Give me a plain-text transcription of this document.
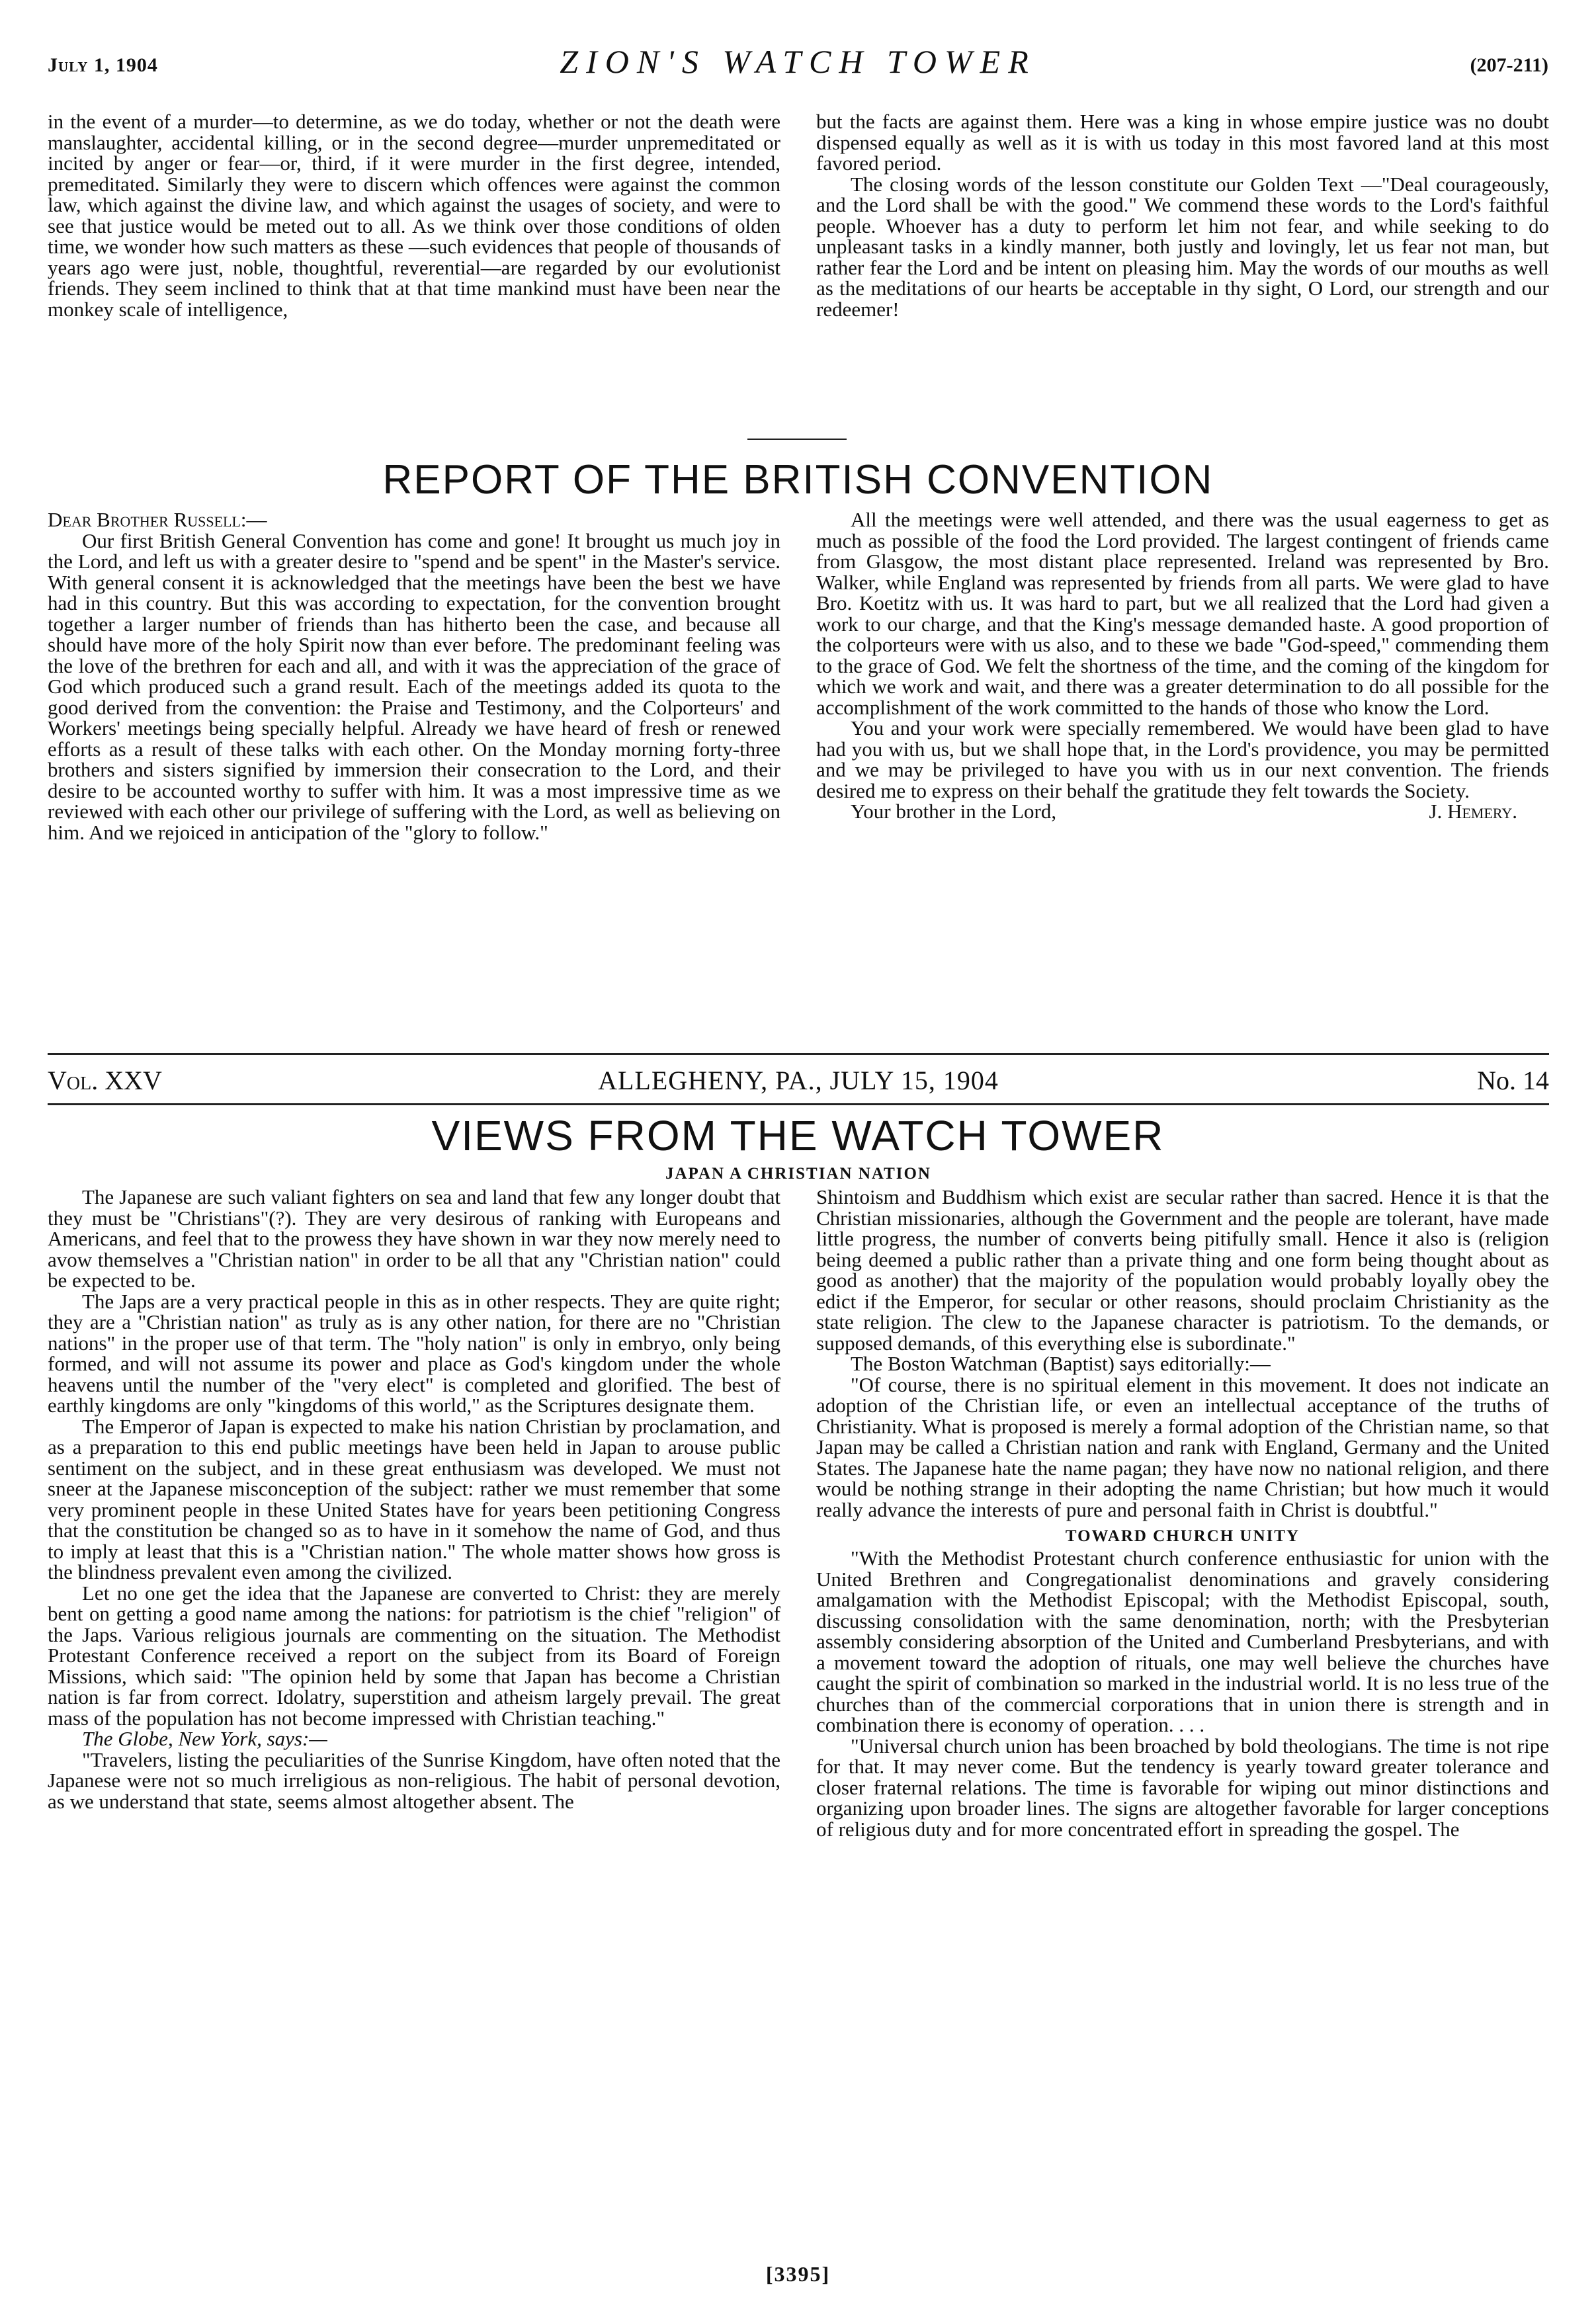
July 1, 1904	ZION'S WATCH TOWER	(207-211)

in the event of a murder—to determine, as we do today, whether or not the death were manslaughter, accidental killing, or in the second degree—murder unpremeditated or incited by anger or fear—or, third, if it were murder in the first degree, intended, premeditated. Similarly they were to discern which offences were against the common law, which against the divine law, and which against the usages of society, and were to see that justice would be meted out to all. As we think over those conditions of olden time, we wonder how such matters as these —such evidences that people of thousands of years ago were just, noble, thoughtful, reverential—are regarded by our evolutionist friends. They seem inclined to think that at that time mankind must have been near the monkey scale of intelligence,

but the facts are against them. Here was a king in whose empire justice was no doubt dispensed equally as well as it is with us today in this most favored land at this most favored period.

The closing words of the lesson constitute our Golden Text —"Deal courageously, and the Lord shall be with the good." We commend these words to the Lord's faithful people. Whoever has a duty to perform let him not fear, and while seeking to do unpleasant tasks in a kindly manner, both justly and lovingly, let us fear not man, but rather fear the Lord and be intent on pleasing him. May the words of our mouths as well as the meditations of our hearts be acceptable in thy sight, O Lord, our strength and our redeemer!

REPORT OF THE BRITISH CONVENTION

Dear Brother Russell:—

Our first British General Convention has come and gone! It brought us much joy in the Lord, and left us with a greater desire to "spend and be spent" in the Master's service. With general consent it is acknowledged that the meetings have been the best we have had in this country. But this was according to expectation, for the convention brought together a larger number of friends than has hitherto been the case, and because all should have more of the holy Spirit now than ever before. The predominant feeling was the love of the brethren for each and all, and with it was the appreciation of the grace of God which produced such a grand result. Each of the meetings added its quota to the good derived from the convention: the Praise and Testimony, and the Colporteurs' and Workers' meetings being specially helpful. Already we have heard of fresh or renewed efforts as a result of these talks with each other. On the Monday morning forty-three brothers and sisters signified by immersion their consecration to the Lord, and their desire to be accounted worthy to suffer with him. It was a most impressive time as we reviewed with each other our privilege of suffering with the Lord, as well as believing on him. And we rejoiced in anticipation of the "glory to follow."

All the meetings were well attended, and there was the usual eagerness to get as much as possible of the food the Lord provided. The largest contingent of friends came from Glasgow, the most distant place represented. Ireland was represented by Bro. Walker, while England was represented by friends from all parts. We were glad to have Bro. Koetitz with us. It was hard to part, but we all realized that the Lord had given a work to our charge, and that the King's message demanded haste. A good proportion of the colporteurs were with us also, and to these we bade "God-speed," commending them to the grace of God. We felt the shortness of the time, and the coming of the kingdom for which we work and wait, and there was a greater determination to do all possible for the accomplishment of the work committed to the hands of those who know the Lord.

You and your work were specially remembered. We would have been glad to have had you with us, but we shall hope that, in the Lord's providence, you may be permitted and we may be privileged to have you with us in our next convention. The friends desired me to express on their behalf the gratitude they felt towards the Society.

Your brother in the Lord,	J. Hemery.

Vol. XXV	ALLEGHENY, PA., JULY 15, 1904	No. 14
VIEWS FROM THE WATCH TOWER
JAPAN A CHRISTIAN NATION

The Japanese are such valiant fighters on sea and land that few any longer doubt that they must be "Christians"(?). They are very desirous of ranking with Europeans and Americans, and feel that to the prowess they have shown in war they now merely need to avow themselves a "Christian nation" in order to be all that any "Christian nation" could be expected to be.

The Japs are a very practical people in this as in other respects. They are quite right; they are a "Christian nation" as truly as is any other nation, for there are no "Christian nations" in the proper use of that term. The "holy nation" is only in embryo, only being formed, and will not assume its power and place as God's kingdom under the whole heavens until the number of the "very elect" is completed and glorified. The best of earthly kingdoms are only "kingdoms of this world," as the Scriptures designate them.

The Emperor of Japan is expected to make his nation Christian by proclamation, and as a preparation to this end public meetings have been held in Japan to arouse public sentiment on the subject, and in these great enthusiasm was developed. We must not sneer at the Japanese misconception of the subject: rather we must remember that some very prominent people in these United States have for years been petitioning Congress that the constitution be changed so as to have in it somehow the name of God, and thus to imply at least that this is a "Christian nation." The whole matter shows how gross is the blindness prevalent even among the civilized.

Let no one get the idea that the Japanese are converted to Christ: they are merely bent on getting a good name among the nations: for patriotism is the chief "religion" of the Japs. Various religious journals are commenting on the situation. The Methodist Protestant Conference received a report on the subject from its Board of Foreign Missions, which said: "The opinion held by some that Japan has become a Christian nation is far from correct. Idolatry, superstition and atheism largely prevail. The great mass of the population has not become impressed with Christian teaching."

The Globe, New York, says:—

"Travelers, listing the peculiarities of the Sunrise Kingdom, have often noted that the Japanese were not so much irreligious as non-religious. The habit of personal devotion, as we understand that state, seems almost altogether absent. The

Shintoism and Buddhism which exist are secular rather than sacred. Hence it is that the Christian missionaries, although the Government and the people are tolerant, have made little progress, the number of converts being pitifully small. Hence it also is (religion being deemed a public rather than a private thing and one form being thought about as good as another) that the majority of the population would probably loyally obey the edict if the Emperor, for secular or other reasons, should proclaim Christianity as the state religion. The clew to the Japanese character is patriotism. To the demands, or supposed demands, of this everything else is subordinate."

The Boston Watchman (Baptist) says editorially:—

"Of course, there is no spiritual element in this movement. It does not indicate an adoption of the Christian life, or even an intellectual acceptance of the truths of Christianity. What is proposed is merely a formal adoption of the Christian name, so that Japan may be called a Christian nation and rank with England, Germany and the United States. The Japanese hate the name pagan; they have now no national religion, and there would be nothing strange in their adopting the name Christian; but how much it would really advance the interests of pure and personal faith in Christ is doubtful."

TOWARD CHURCH UNITY

"With the Methodist Protestant church conference enthusiastic for union with the United Brethren and Congregationalist denominations and gravely considering amalgamation with the Methodist Episcopal; with the Methodist Episcopal, south, discussing consolidation with the same denomination, north; with the Presbyterian assembly considering absorption of the United and Cumberland Presbyterians, and with a movement toward the adoption of rituals, one may well believe the churches have caught the spirit of combination so marked in the industrial world. It is no less true of the churches than of the commercial corporations that in union there is strength and in combination there is economy of operation. . . .

"Universal church union has been broached by bold theologians. The time is not ripe for that. It may never come. But the tendency is yearly toward greater tolerance and closer fraternal relations. The time is favorable for wiping out minor distinctions and organizing upon broader lines. The signs are altogether favorable for larger conceptions of religious duty and for more concentrated effort in spreading the gospel. The

[3395]
